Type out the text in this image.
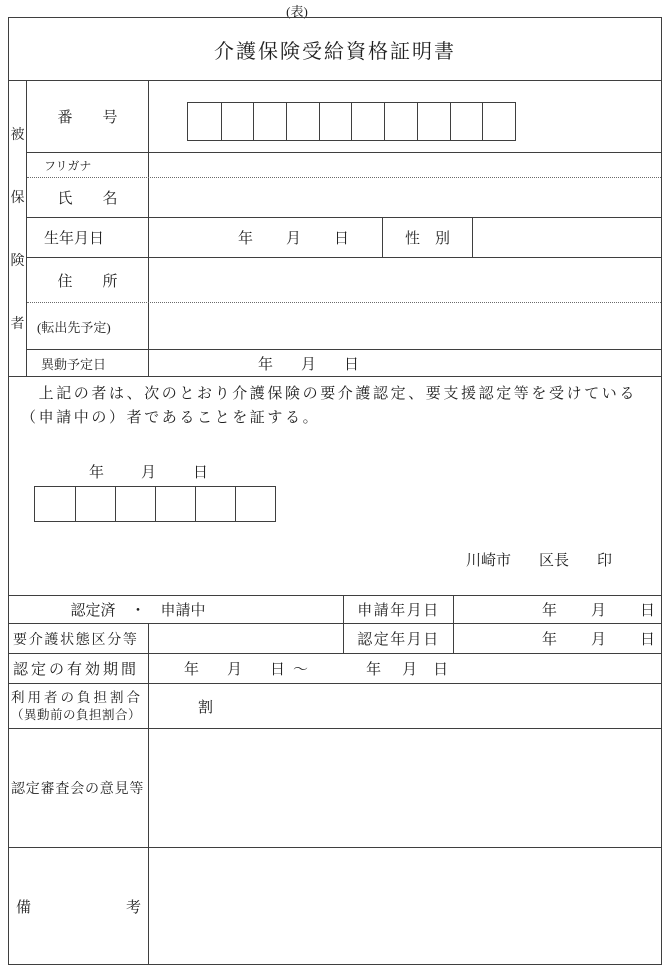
(表)
介護保険受給資格証明書
被
保
険
者
番　　号
フリガナ
氏　　名
生年月日	年 月 日	性　別
住　　所
(転出先予定)
異動予定日	年 月 日
　上記の者は、次のとおり介護保険の要介護認定、要支援認定等を受けている
（申請中の）者であることを証する。
年 月 日
川崎市 区長 印
認定済　・　申請中	申請年月日	年 月 日
要介護状態区分等	認定年月日	年 月 日
認定の有効期間	年 月 日 ～	年 月 日
利用者の負担割合
（異動前の負担割合）	割
認定審査会の意見等
備	考
